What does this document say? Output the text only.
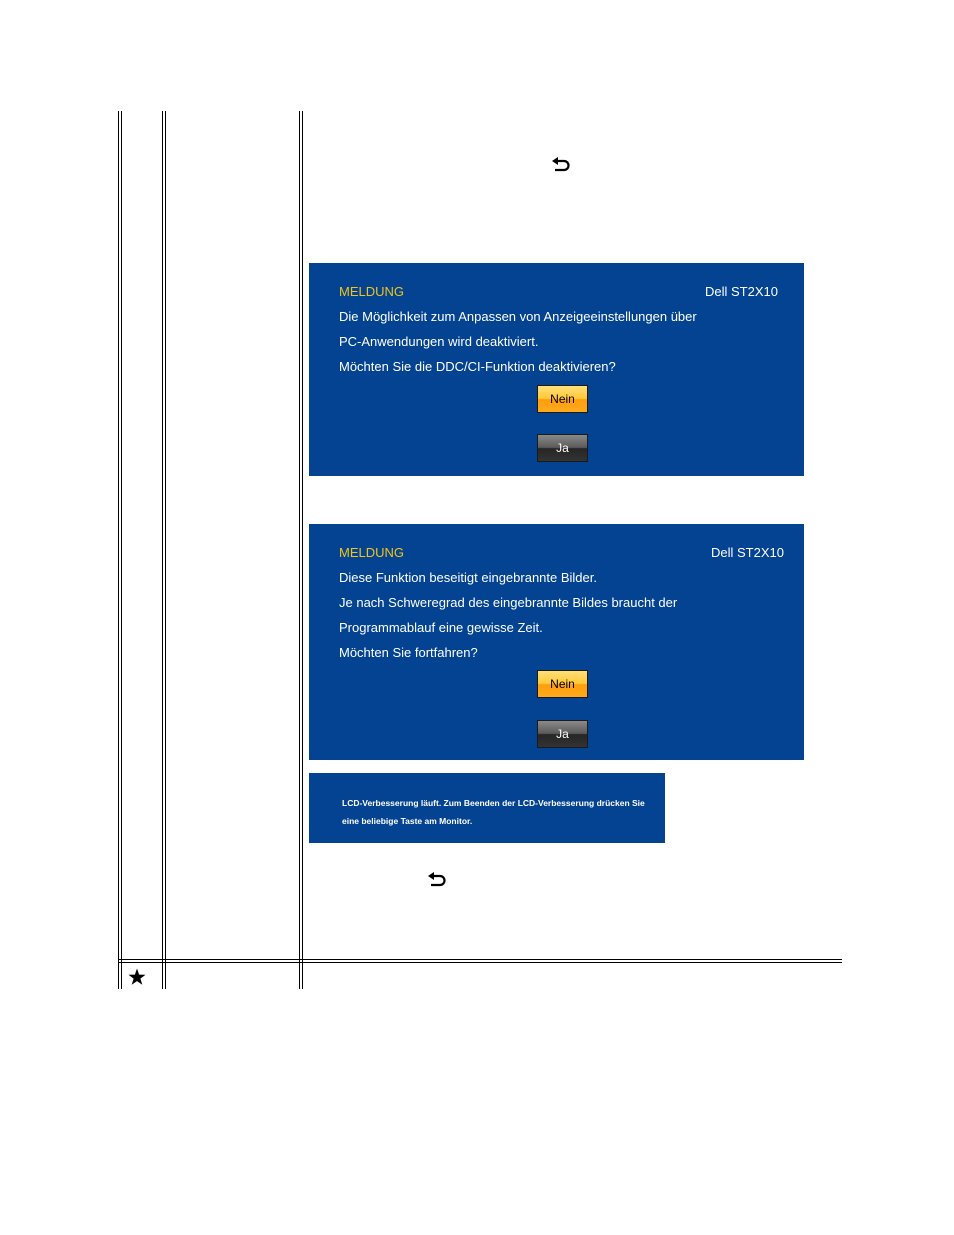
MELDUNG	Dell ST2X10
Die Möglichkeit zum Anpassen von Anzeigeeinstellungen über
PC-Anwendungen wird deaktiviert.
Möchten Sie die DDC/CI-Funktion deaktivieren?
Nein
Ja
MELDUNG	Dell ST2X10
Diese Funktion beseitigt eingebrannte Bilder.
Je nach Schweregrad des eingebrannte Bildes braucht der
Programmablauf eine gewisse Zeit.
Möchten Sie fortfahren?
Nein
Ja
LCD-Verbesserung läuft. Zum Beenden der LCD-Verbesserung drücken Sie
eine beliebige Taste am Monitor.
